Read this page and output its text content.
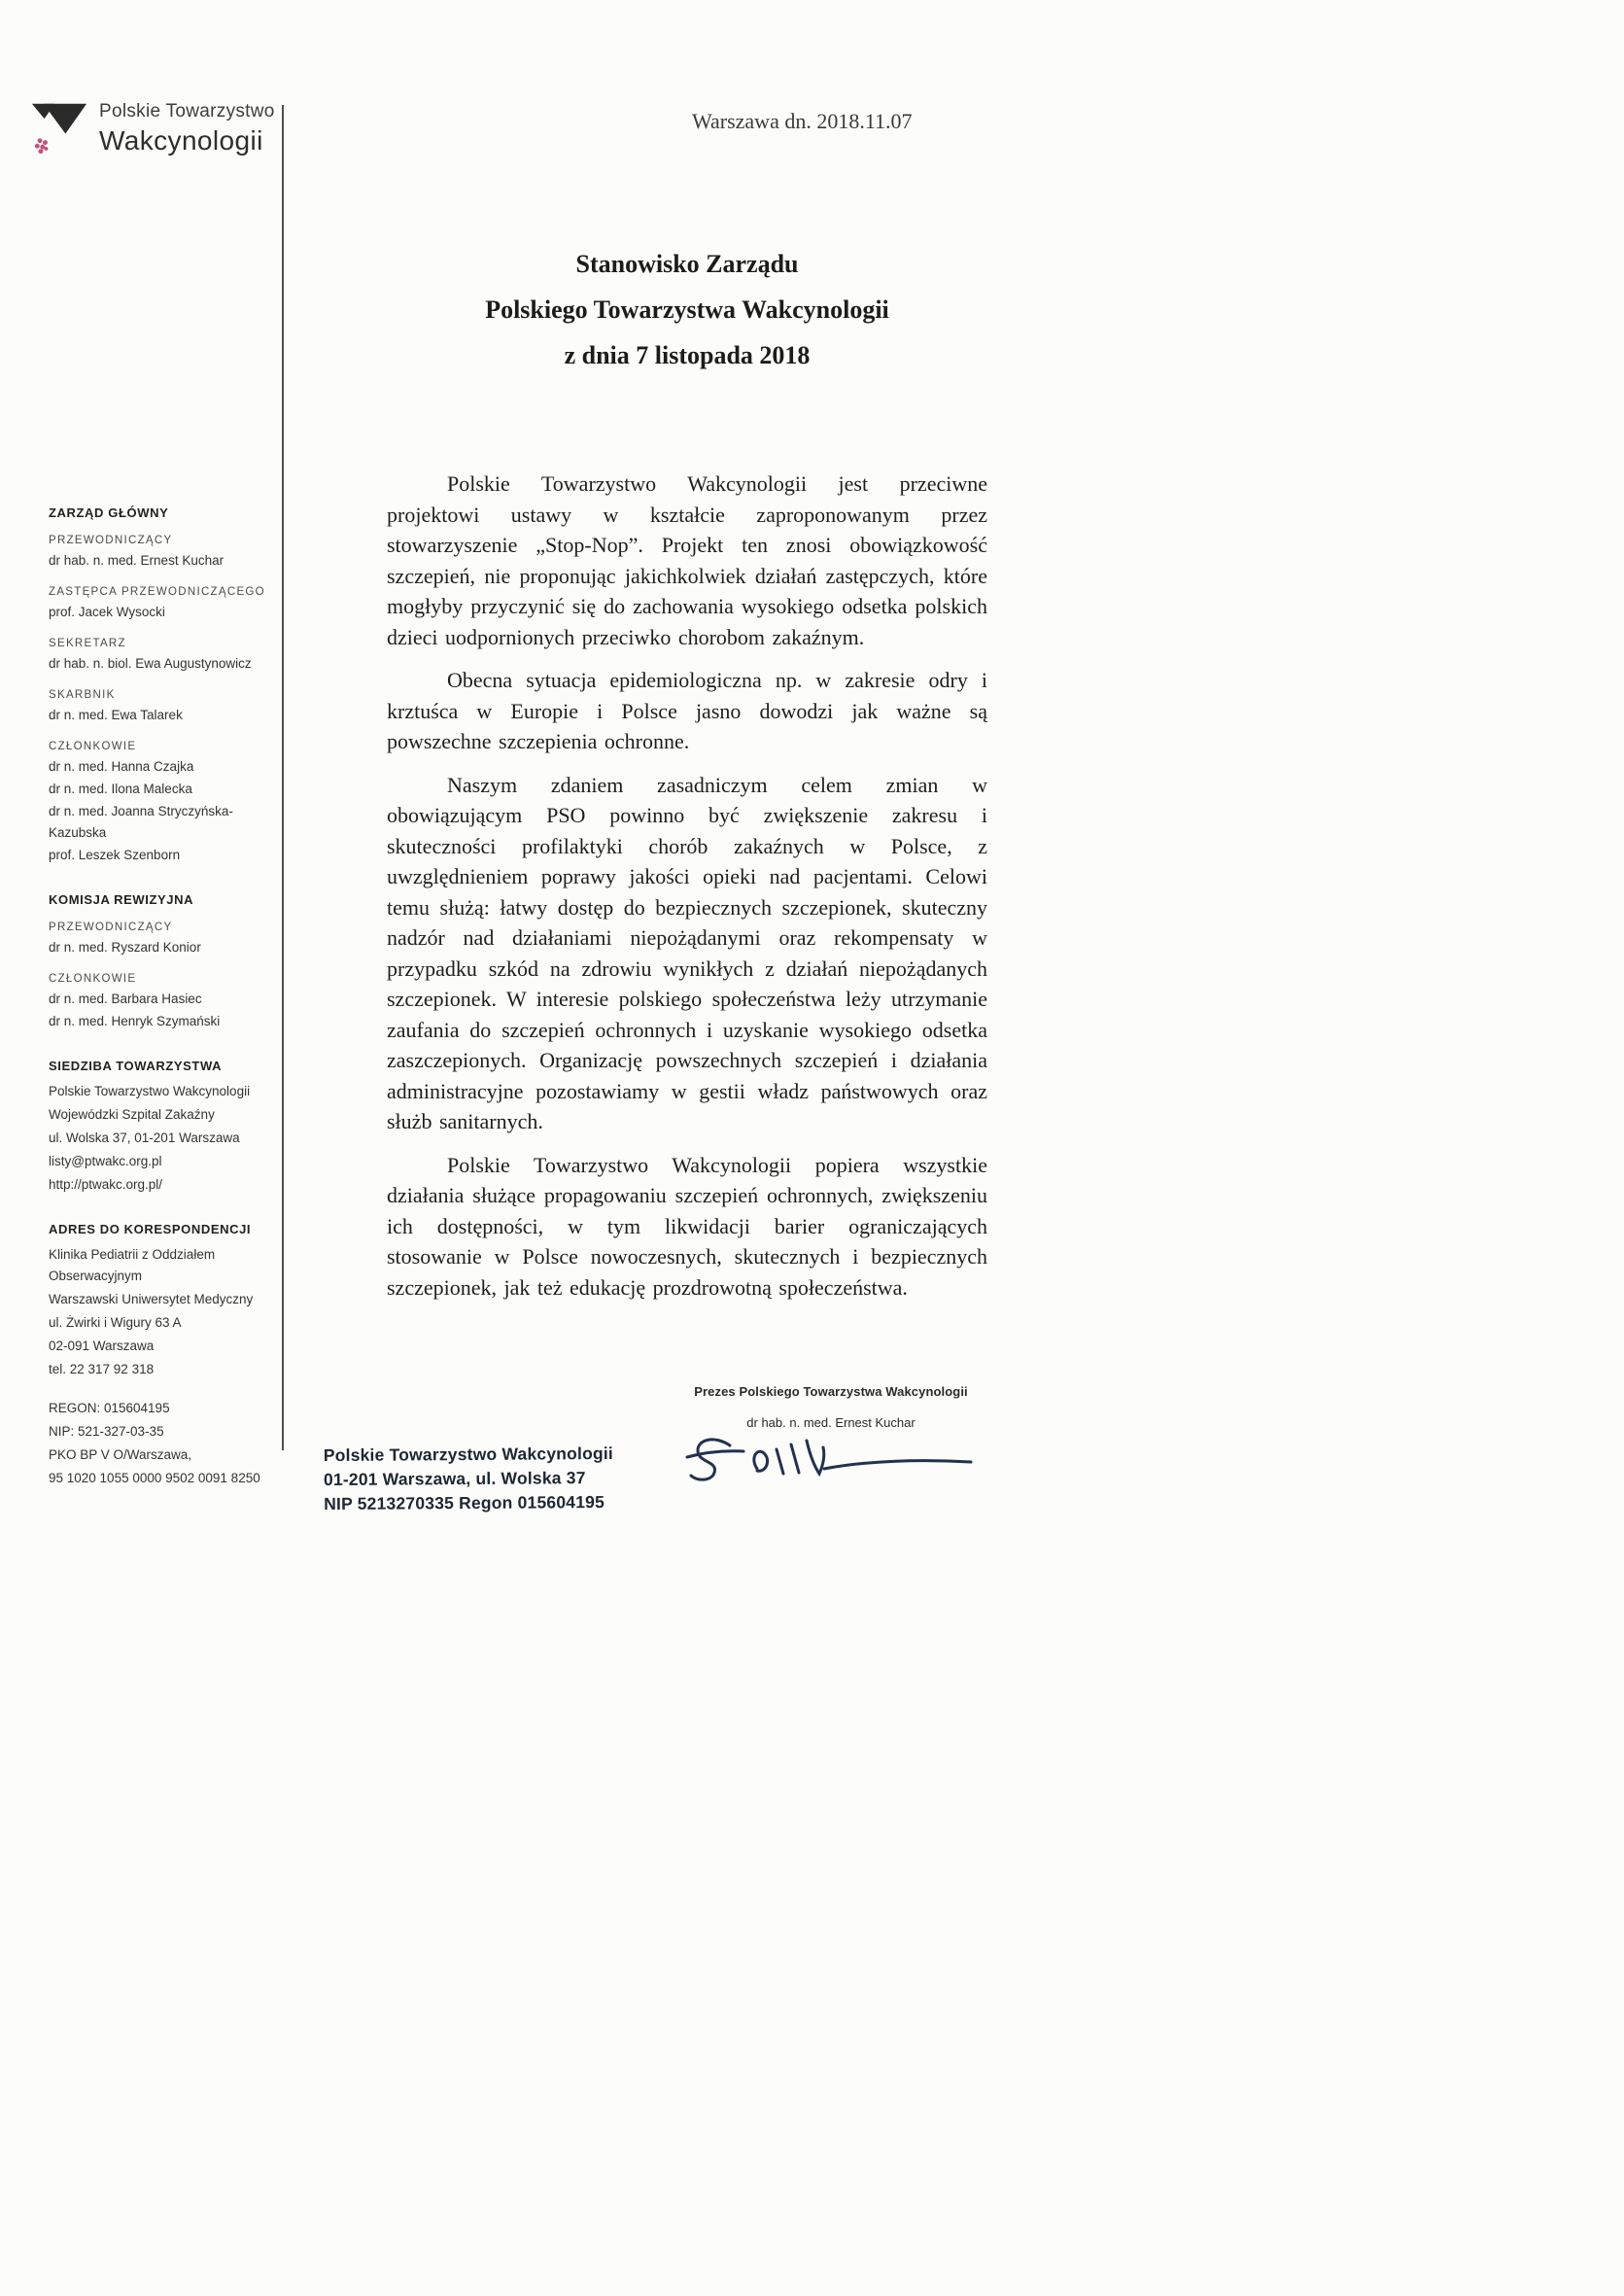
Polskie Towarzystwo
Wakcynologii
Warszawa dn. 2018.11.07
Stanowisko Zarządu
Polskiego Towarzystwa Wakcynologii
z dnia 7 listopada 2018
ZARZĄD GŁÓWNY
PRZEWODNICZĄCY
dr hab. n. med. Ernest Kuchar
ZASTĘPCA PRZEWODNICZĄCEGO
prof. Jacek Wysocki
SEKRETARZ
dr hab. n. biol. Ewa Augustynowicz
SKARBNIK
dr n. med. Ewa Talarek
CZŁONKOWIE
dr n. med. Hanna Czajka
dr n. med. Ilona Malecka
dr n. med. Joanna Stryczyńska-Kazubska
prof. Leszek Szenborn
KOMISJA REWIZYJNA
PRZEWODNICZĄCY
dr n. med. Ryszard Konior
CZŁONKOWIE
dr n. med. Barbara Hasiec
dr n. med. Henryk Szymański
SIEDZIBA TOWARZYSTWA
Polskie Towarzystwo Wakcynologii
Wojewódzki Szpital Zakaźny
ul. Wolska 37, 01-201 Warszawa
listy@ptwakc.org.pl
http://ptwakc.org.pl/
ADRES DO KORESPONDENCJI
Klinika Pediatrii z Oddziałem Obserwacyjnym
Warszawski Uniwersytet Medyczny
ul. Żwirki i Wigury 63 A
02-091 Warszawa
tel. 22 317 92 318
REGON: 015604195
NIP: 521-327-03-35
PKO BP V O/Warszawa,
95 1020 1055 0000 9502 0091 8250

Polskie Towarzystwo Wakcynologii jest przeciwne projektowi ustawy w kształcie zaproponowanym przez stowarzyszenie „Stop-Nop”. Projekt ten znosi obowiązkowość szczepień, nie proponując jakichkolwiek działań zastępczych, które mogłyby przyczynić się do zachowania wysokiego odsetka polskich dzieci uodpornionych przeciwko chorobom zakaźnym.

Obecna sytuacja epidemiologiczna np. w zakresie odry i krztuśca w Europie i Polsce jasno dowodzi jak ważne są powszechne szczepienia ochronne.

Naszym zdaniem zasadniczym celem zmian w obowiązującym PSO powinno być zwiększenie zakresu i skuteczności profilaktyki chorób zakaźnych w Polsce, z uwzględnieniem poprawy jakości opieki nad pacjentami. Celowi temu służą: łatwy dostęp do bezpiecznych szczepionek, skuteczny nadzór nad działaniami niepożądanymi oraz rekompensaty w przypadku szkód na zdrowiu wynikłych z działań niepożądanych szczepionek. W interesie polskiego społeczeństwa leży utrzymanie zaufania do szczepień ochronnych i uzyskanie wysokiego odsetka zaszczepionych. Organizację powszechnych szczepień i działania administracyjne pozostawiamy w gestii władz państwowych oraz służb sanitarnych.

Polskie Towarzystwo Wakcynologii popiera wszystkie działania służące propagowaniu szczepień ochronnych, zwiększeniu ich dostępności, w tym likwidacji barier ograniczających stosowanie w Polsce nowoczesnych, skutecznych i bezpiecznych szczepionek, jak też edukację prozdrowotną społeczeństwa.

Polskie Towarzystwo Wakcynologii
01-201 Warszawa, ul. Wolska 37
NIP 5213270335 Regon 015604195
Prezes Polskiego Towarzystwa Wakcynologii
dr hab. n. med. Ernest Kuchar
